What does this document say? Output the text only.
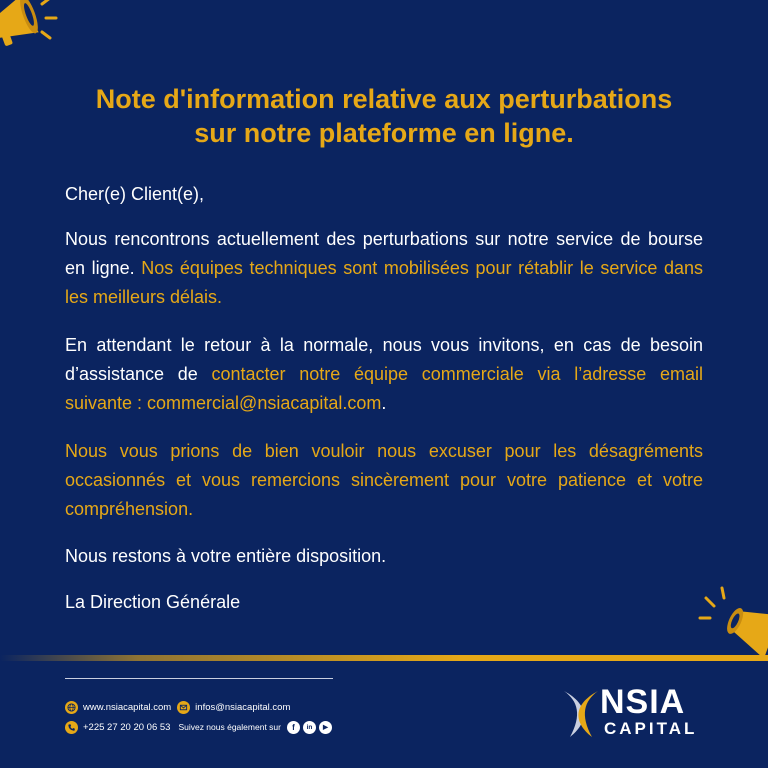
Note d'information relative aux perturbations
sur notre plateforme en ligne.

Cher(e) Client(e),

Nous rencontrons actuellement des perturbations sur notre service de bourse en ligne. Nos équipes techniques sont mobilisées pour rétablir le service dans les meilleurs délais.

En attendant le retour à la normale, nous vous invitons, en cas de besoin d’assistance de contacter notre équipe commerciale via l’adresse email suivante : commercial@nsiacapital.com.

Nous vous prions de bien vouloir nous excuser pour les désagréments occasionnés et vous remercions sincèrement pour votre patience et votre compréhension.

Nous restons à votre entière disposition.

La Direction Générale

www.nsiacapital.com	infos@nsiacapital.com
+225 27 20 20 06 53 Suivez nous également sur	f	in	▶
NSIA
CAPITAL
